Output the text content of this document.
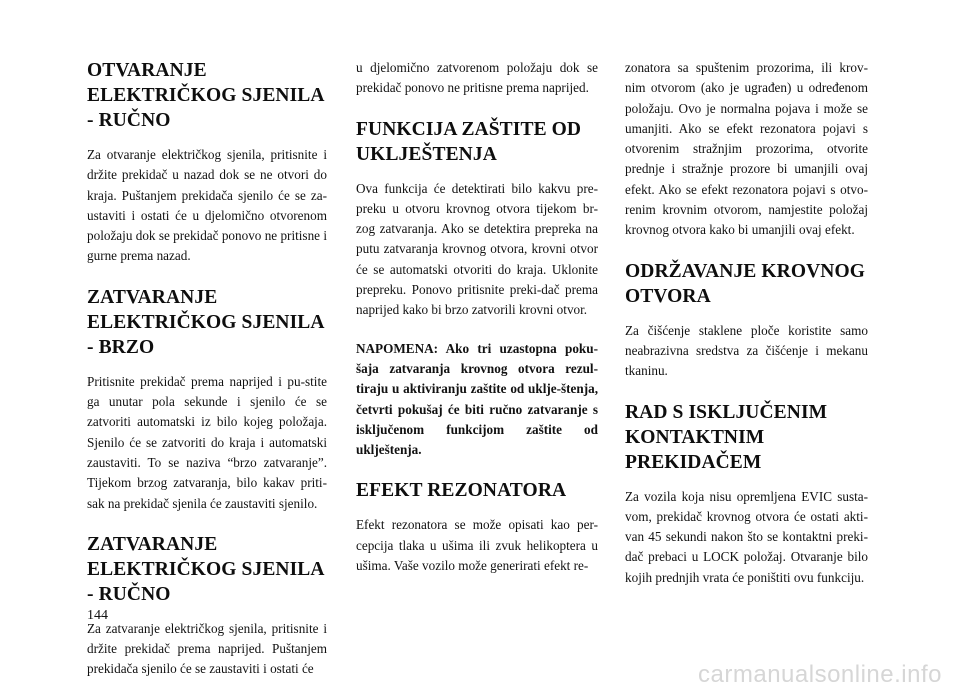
OTVARANJE ELEKTRIČKOG SJENILA - RUČNO

Za otvaranje električkog sjenila, pritisnite i držite prekidač u nazad dok se ne otvori do kraja. Puštanjem prekidača sjenilo će se za-ustaviti i ostati će u djelomično otvorenom položaju dok se prekidač ponovo ne pritisne i gurne prema nazad.

ZATVARANJE ELEKTRIČKOG SJENILA - BRZO

Pritisnite prekidač prema naprijed i pu-stite ga unutar pola sekunde i sjenilo će se zatvoriti automatski iz bilo kojeg položaja. Sjenilo će se zatvoriti do kraja i automatski zaustaviti. To se naziva “brzo zatvaranje”. Tijekom brzog zatvaranja, bilo kakav priti-sak na prekidač sjenila će zaustaviti sjenilo.

ZATVARANJE ELEKTRIČKOG SJENILA - RUČNO

Za zatvaranje električkog sjenila, pritisnite i držite prekidač prema naprijed. Puštanjem prekidača sjenilo će se zaustaviti i ostati će

u djelomično zatvorenom položaju dok se prekidač ponovo ne pritisne prema naprijed.

FUNKCIJA ZAŠTITE OD UKLJEŠTENJA

Ova funkcija će detektirati bilo kakvu pre-preku u otvoru krovnog otvora tijekom br-zog zatvaranja. Ako se detektira prepreka na putu zatvaranja krovnog otvora, krovni otvor će se automatski otvoriti do kraja. Uklonite prepreku. Ponovo pritisnite preki-dač prema naprijed kako bi brzo zatvorili krovni otvor.

NAPOMENA: Ako tri uzastopna poku-šaja zatvaranja krovnog otvora rezul-tiraju u aktiviranju zaštite od uklje-štenja, četvrti pokušaj će biti ručno zatvaranje s isključenom funkcijom zaštite od uklještenja.

EFEKT REZONATORA

Efekt rezonatora se može opisati kao per-cepcija tlaka u ušima ili zvuk helikoptera u ušima. Vaše vozilo može generirati efekt re-

zonatora sa spuštenim prozorima, ili krov-nim otvorom (ako je ugrađen) u određenom položaju. Ovo je normalna pojava i može se umanjiti. Ako se efekt rezonatora pojavi s otvorenim stražnjim prozorima, otvorite prednje i stražnje prozore bi umanjili ovaj efekt. Ako se efekt rezonatora pojavi s otvo-renim krovnim otvorom, namjestite položaj krovnog otvora kako bi umanjili ovaj efekt.

ODRŽAVANJE KROVNOG OTVORA

Za čišćenje staklene ploče koristite samo neabrazivna sredstva za čišćenje i mekanu tkaninu.

RAD S ISKLJUČENIM KONTAKTNIM PREKIDAČEM

Za vozila koja nisu opremljena EVIC susta-vom, prekidač krovnog otvora će ostati akti-van 45 sekundi nakon što se kontaktni preki-dač prebaci u LOCK položaj. Otvaranje bilo kojih prednjih vrata će poništiti ovu funkciju.

144
carmanualsonline.info
